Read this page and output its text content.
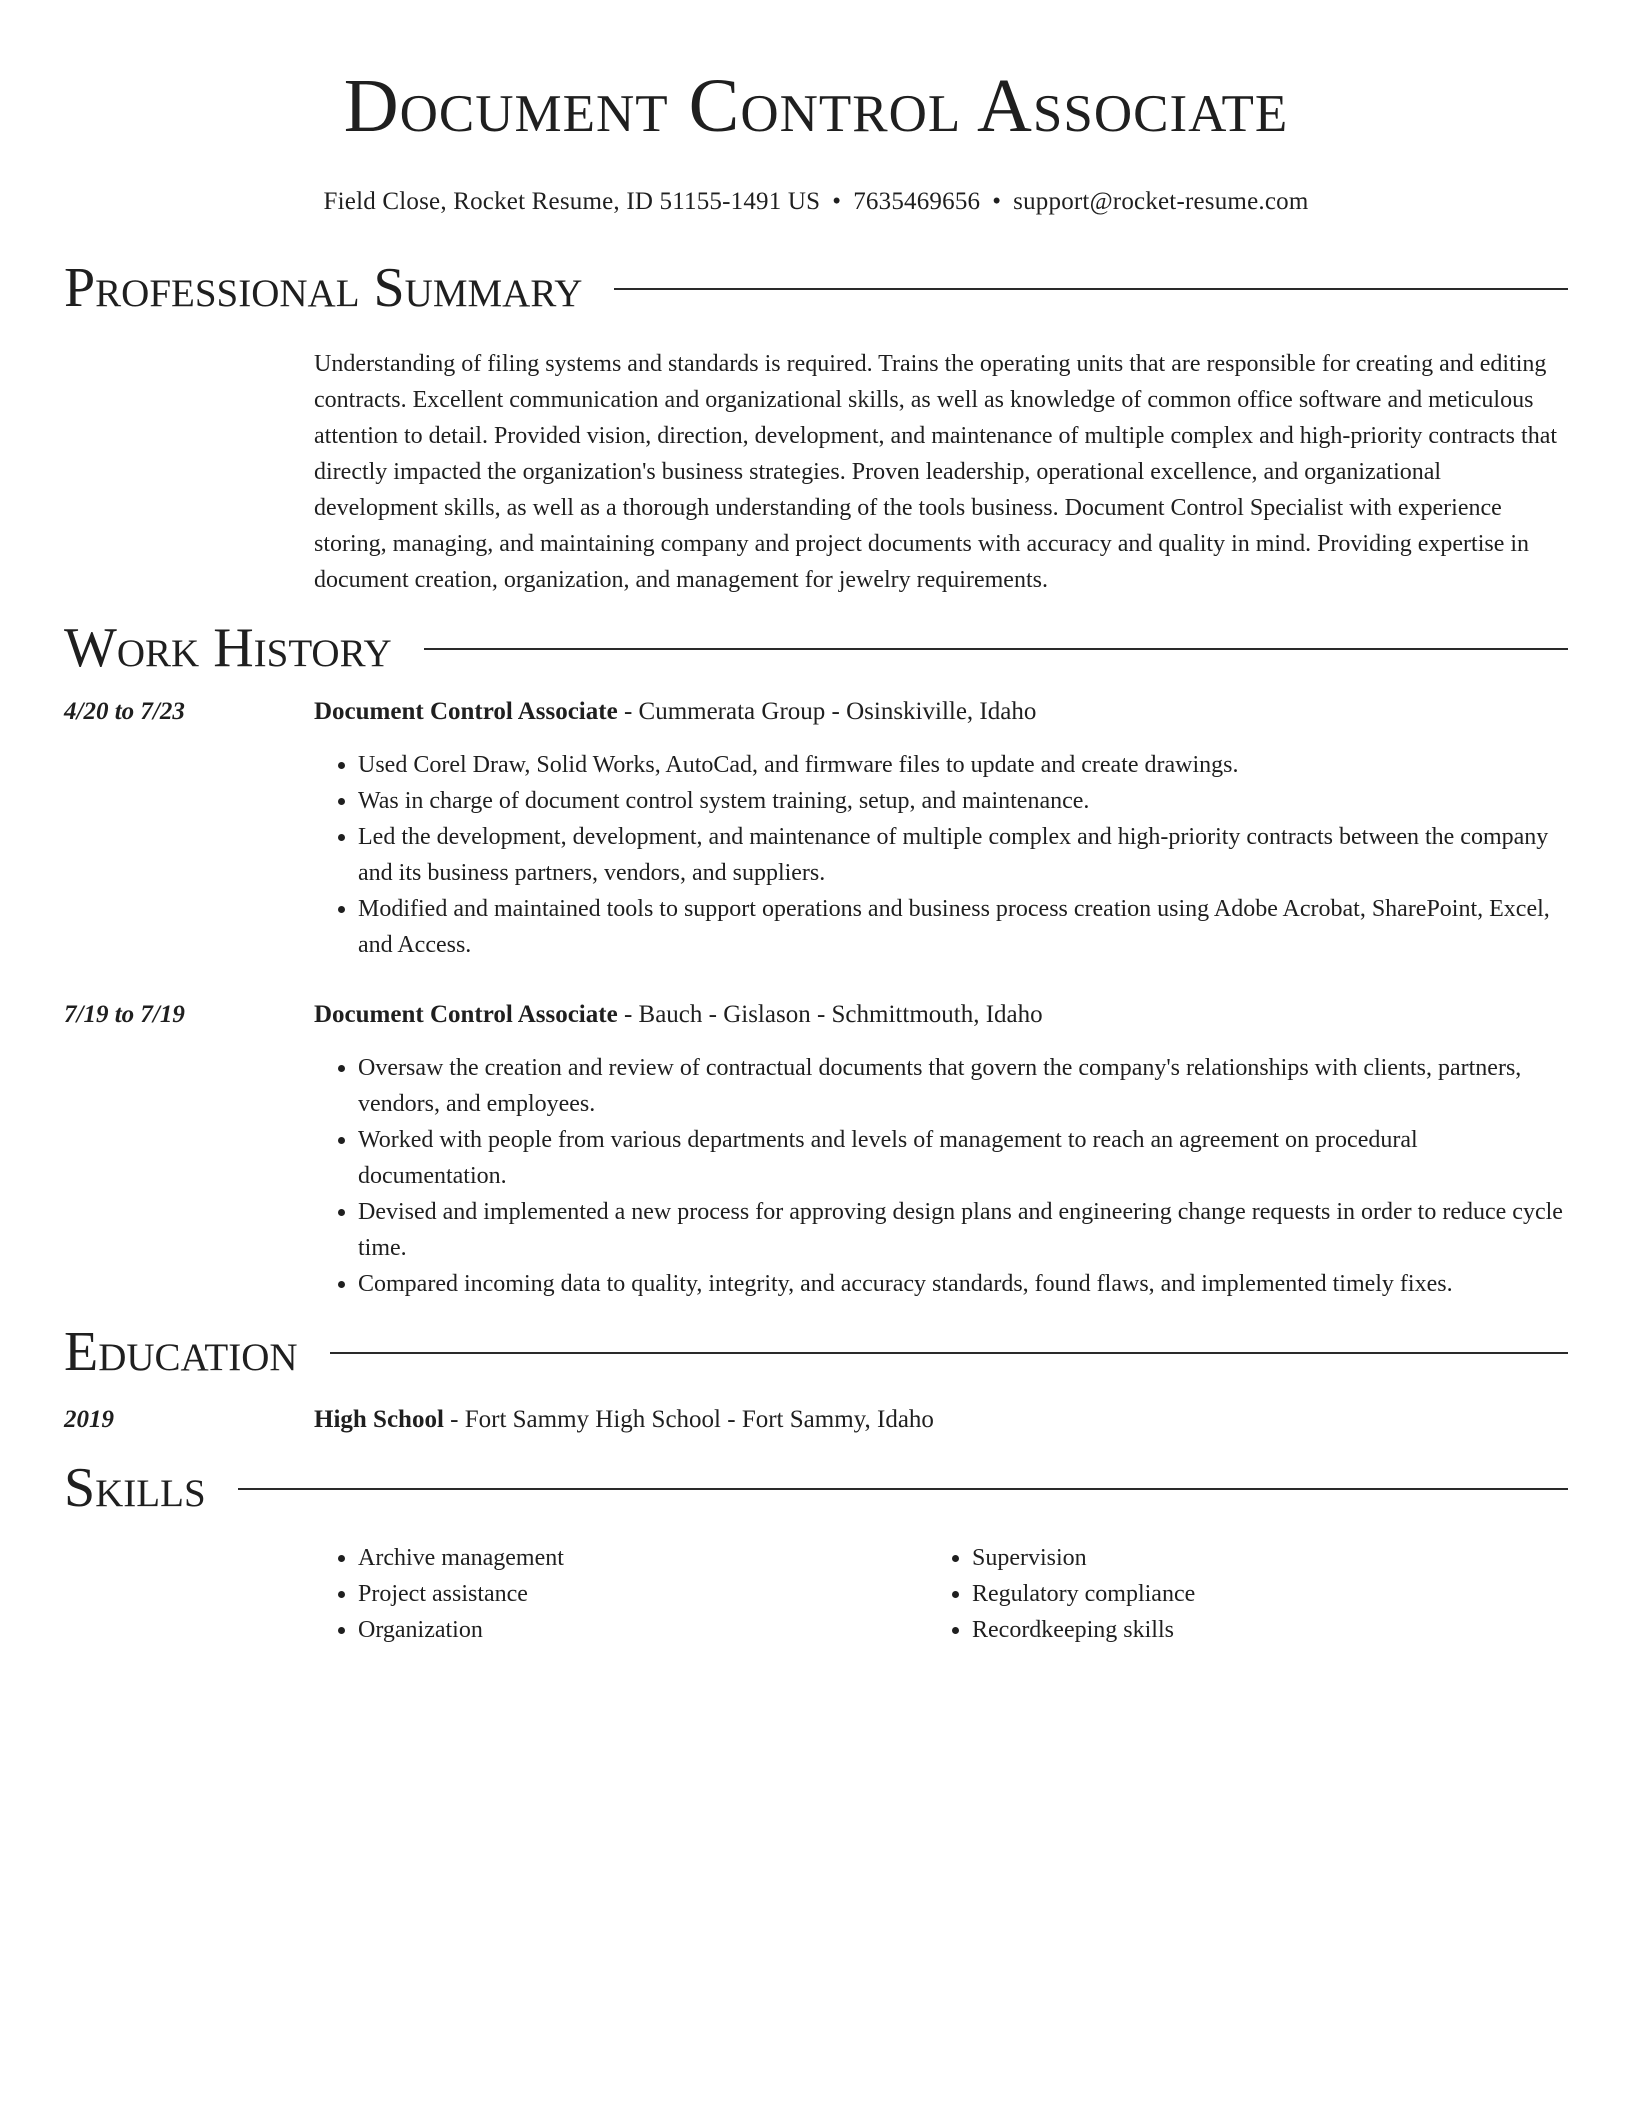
Document Control Associate
Field Close, Rocket Resume, ID 51155-1491 US • 7635469656 • support@rocket-resume.com
Professional Summary
Understanding of filing systems and standards is required. Trains the operating units that are responsible for creating and editing contracts. Excellent communication and organizational skills, as well as knowledge of common office software and meticulous attention to detail. Provided vision, direction, development, and maintenance of multiple complex and high-priority contracts that directly impacted the organization's business strategies. Proven leadership, operational excellence, and organizational development skills, as well as a thorough understanding of the tools business. Document Control Specialist with experience storing, managing, and maintaining company and project documents with accuracy and quality in mind. Providing expertise in document creation, organization, and management for jewelry requirements.
Work History
4/20 to 7/23	Document Control Associate - Cummerata Group - Osinskiville, Idaho
• Used Corel Draw, Solid Works, AutoCad, and firmware files to update and create drawings.
• Was in charge of document control system training, setup, and maintenance.
• Led the development, development, and maintenance of multiple complex and high-priority contracts between the company and its business partners, vendors, and suppliers.
• Modified and maintained tools to support operations and business process creation using Adobe Acrobat, SharePoint, Excel, and Access.
7/19 to 7/19	Document Control Associate - Bauch - Gislason - Schmittmouth, Idaho
• Oversaw the creation and review of contractual documents that govern the company's relationships with clients, partners, vendors, and employees.
• Worked with people from various departments and levels of management to reach an agreement on procedural documentation.
• Devised and implemented a new process for approving design plans and engineering change requests in order to reduce cycle time.
• Compared incoming data to quality, integrity, and accuracy standards, found flaws, and implemented timely fixes.
Education
2019	High School - Fort Sammy High School - Fort Sammy, Idaho
Skills
• Archive management
• Project assistance
• Organization
• Supervision
• Regulatory compliance
• Recordkeeping skills
